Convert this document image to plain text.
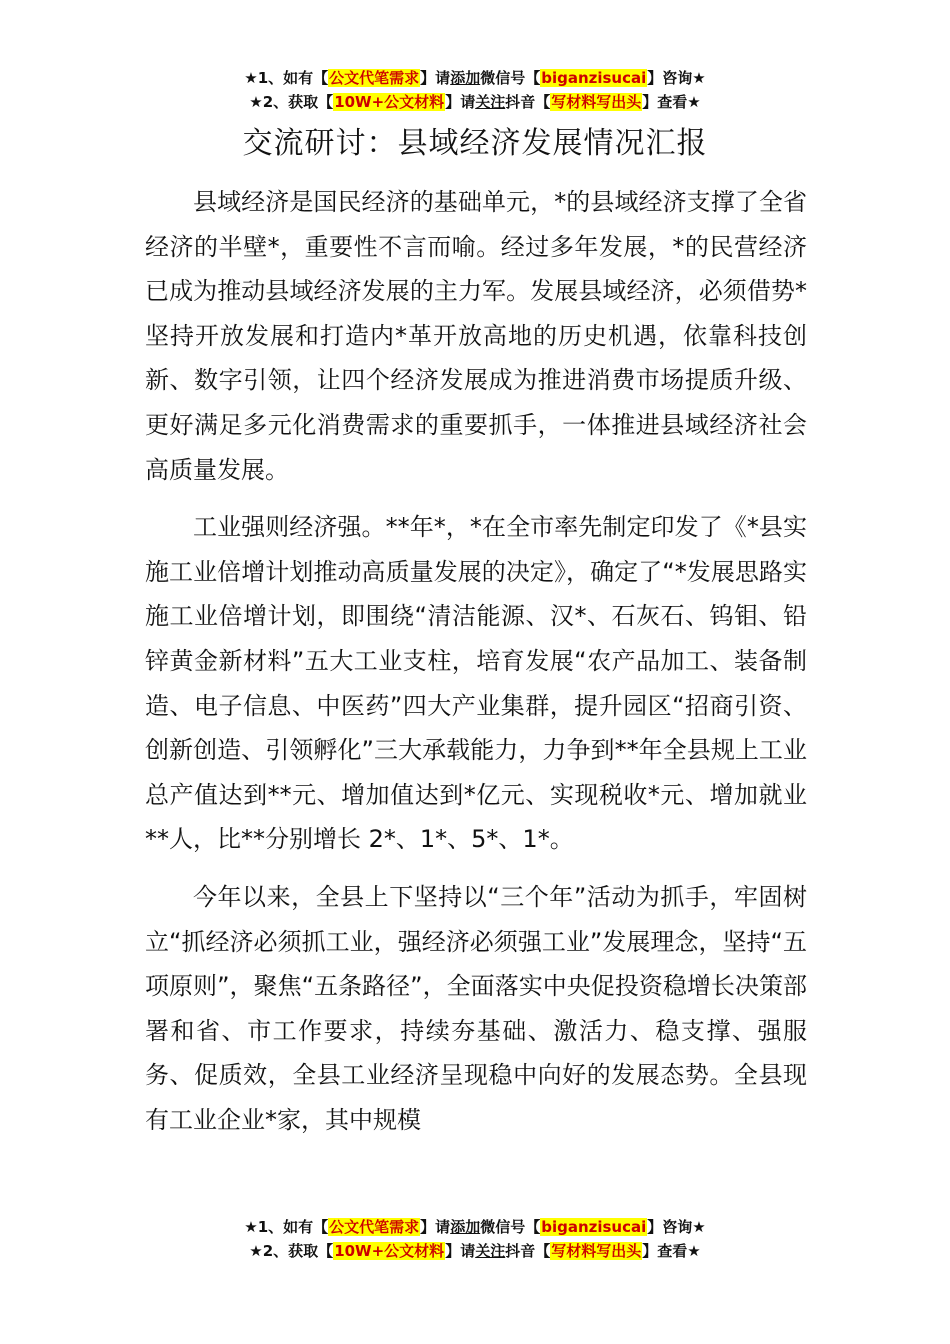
★1、如有【公文代笔需求】请添加微信号【biganzisucai】咨询★
★2、获取【10W+公文材料】请关注抖音【写材料写出头】查看★
交流研讨：县域经济发展情况汇报

县域经济是国民经济的基础单元，*的县域经济支撑了全省经济的半壁*，重要性不言而喻。经过多年发展，*的民营经济已成为推动县域经济发展的主力军。发展县域经济，必须借势*坚持开放发展和打造内*革开放高地的历史机遇，依靠科技创新、数字引领，让四个经济发展成为推进消费市场提质升级、更好满足多元化消费需求的重要抓手，一体推进县域经济社会高质量发展。

工业强则经济强。**年*，*在全市率先制定印发了《*县实施工业倍增计划推动高质量发展的决定》，确定了“*发展思路实施工业倍增计划，即围绕“清洁能源、汉*、石灰石、钨钼、铅锌黄金新材料”五大工业支柱，培育发展“农产品加工、装备制造、电子信息、中医药”四大产业集群，提升园区“招商引资、创新创造、引领孵化”三大承载能力，力争到**年全县规上工业总产值达到**元、增加值达到*亿元、实现税收*元、增加就业**人，比**分别增长 2*、1*、5*、1*。

今年以来，全县上下坚持以“三个年”活动为抓手，牢固树立“抓经济必须抓工业，强经济必须强工业”发展理念，坚持“五项原则”，聚焦“五条路径”，全面落实中央促投资稳增长决策部署和省、市工作要求，持续夯基础、激活力、稳支撑、强服务、促质效，全县工业经济呈现稳中向好的发展态势。全县现有工业企业*家，其中规模

★1、如有【公文代笔需求】请添加微信号【biganzisucai】咨询★
★2、获取【10W+公文材料】请关注抖音【写材料写出头】查看★
